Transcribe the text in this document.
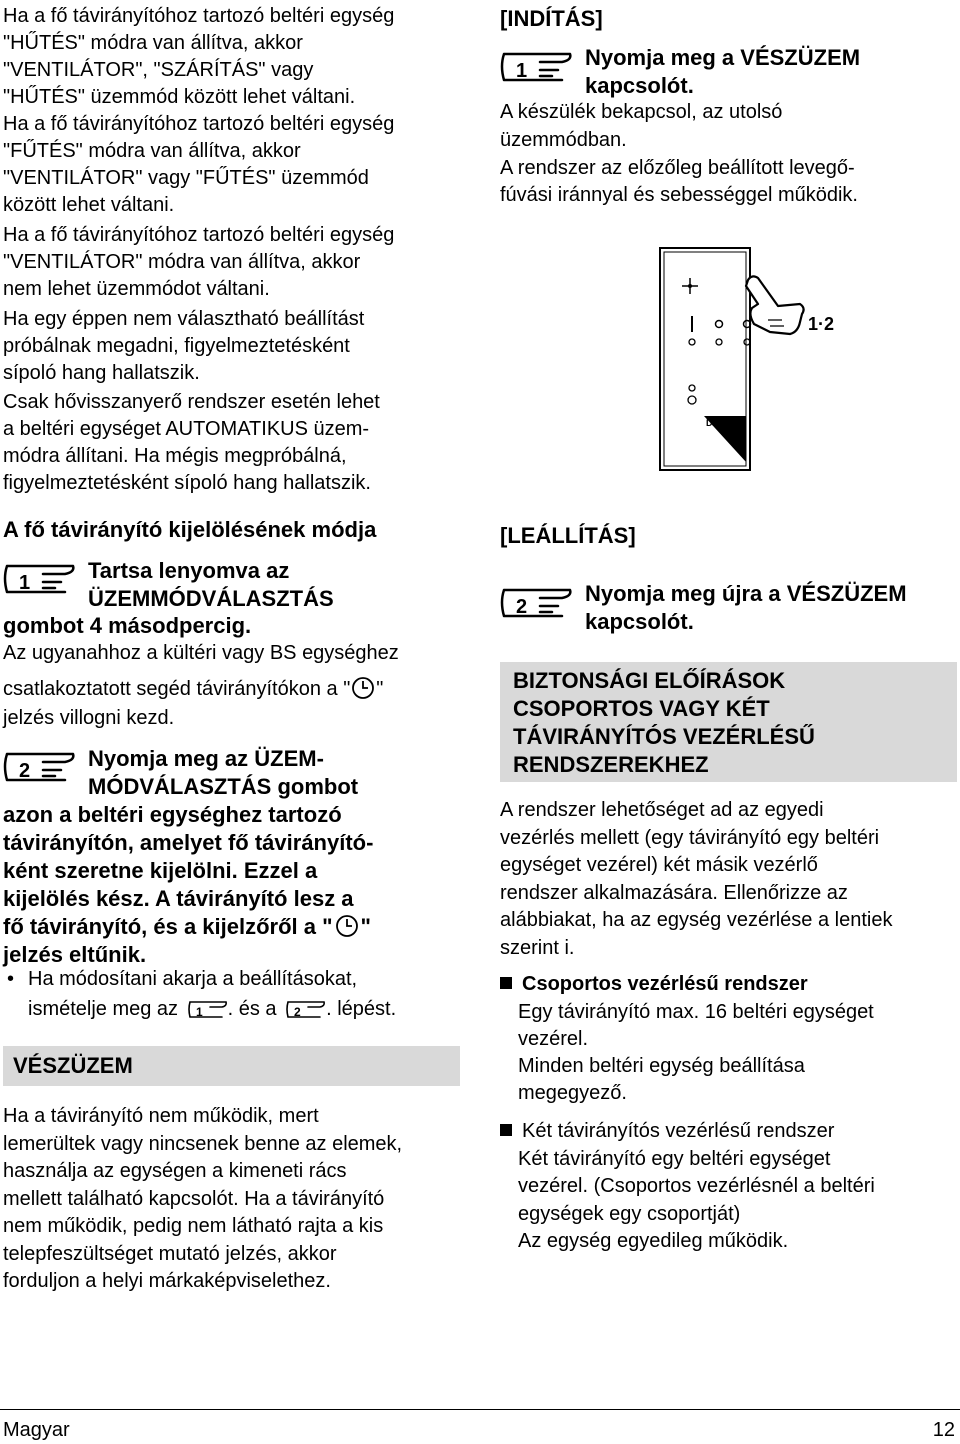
Ha a fő távirányítóhoz tartozó beltéri egység
"HŰTÉS" módra van állítva, akkor
"VENTILÁTOR", "SZÁRÍTÁS" vagy
"HŰTÉS" üzemmód között lehet váltani.
Ha a fő távirányítóhoz tartozó beltéri egység
"FŰTÉS" módra van állítva, akkor
"VENTILÁTOR" vagy "FŰTÉS" üzemmód
között lehet váltani.
Ha a fő távirányítóhoz tartozó beltéri egység
"VENTILÁTOR" módra van állítva, akkor
nem lehet üzemmódot váltani.
Ha egy éppen nem választható beállítást
próbálnak megadni, figyelmeztetésként
sípoló hang hallatszik.
Csak hővisszanyerő rendszer esetén lehet
a beltéri egységet AUTOMATIKUS üzem-
módra állítani. Ha mégis megpróbálná,
figyelmeztetésként sípoló hang hallatszik.
A fő távirányító kijelölésének módja
1	Tartsa lenyomva az
ÜZEMMÓDVÁLASZTÁS
gombot 4 másodpercig.
Az ugyanahhoz a kültéri vagy BS egységhez
csatlakoztatott segéd távirányítókon a " "
jelzés villogni kezd.
2	Nyomja meg az ÜZEM-
MÓDVÁLASZTÁS gombot
azon a beltéri egységhez tartozó
távirányítón, amelyet fő távirányító-
ként szeretne kijelölni. Ezzel a
kijelölés kész. A távirányító lesz a
fő távirányító, és a kijelzőről a " "
jelzés eltűnik.
• Ha módosítani akarja a beállításokat,
ismételje meg az 1 . és a 2 . lépést.
VÉSZÜZEM
Ha a távirányító nem működik, mert
lemerültek vagy nincsenek benne az elemek,
használja az egységen a kimeneti rács
mellett található kapcsolót. Ha a távirányító
nem működik, pedig nem látható rajta a kis
telepfeszültséget mutató jelzés, akkor
forduljon a helyi márkaképviselethez.
[INDÍTÁS]
1
Nyomja meg a VÉSZÜZEM
kapcsolót.
A készülék bekapcsol, az utolsó
üzemmódban.
A rendszer az előzőleg beállított levegő-
fúvási iránnyal és sebességgel működik.
1·2
DAIKIN
[LEÁLLÍTÁS]
2
Nyomja meg újra a VÉSZÜZEM
kapcsolót.
BIZTONSÁGI ELŐÍRÁSOK
CSOPORTOS VAGY KÉT
TÁVIRÁNYÍTÓS VEZÉRLÉSŰ
RENDSZEREKHEZ
A rendszer lehetőséget ad az egyedi
vezérlés mellett (egy távirányító egy beltéri
egységet vezérel) két másik vezérlő
rendszer alkalmazására. Ellenőrizze az
alábbiakat, ha az egység vezérlése a lentiek
szerint i.
Csoportos vezérlésű rendszer
Egy távirányító max. 16 beltéri egységet
vezérel.
Minden beltéri egység beállítása
megegyező.
Két távirányítós vezérlésű rendszer
Két távirányító egy beltéri egységet
vezérel. (Csoportos vezérlésnél a beltéri
egységek egy csoportját)
Az egység egyedileg működik.
Magyar	12
